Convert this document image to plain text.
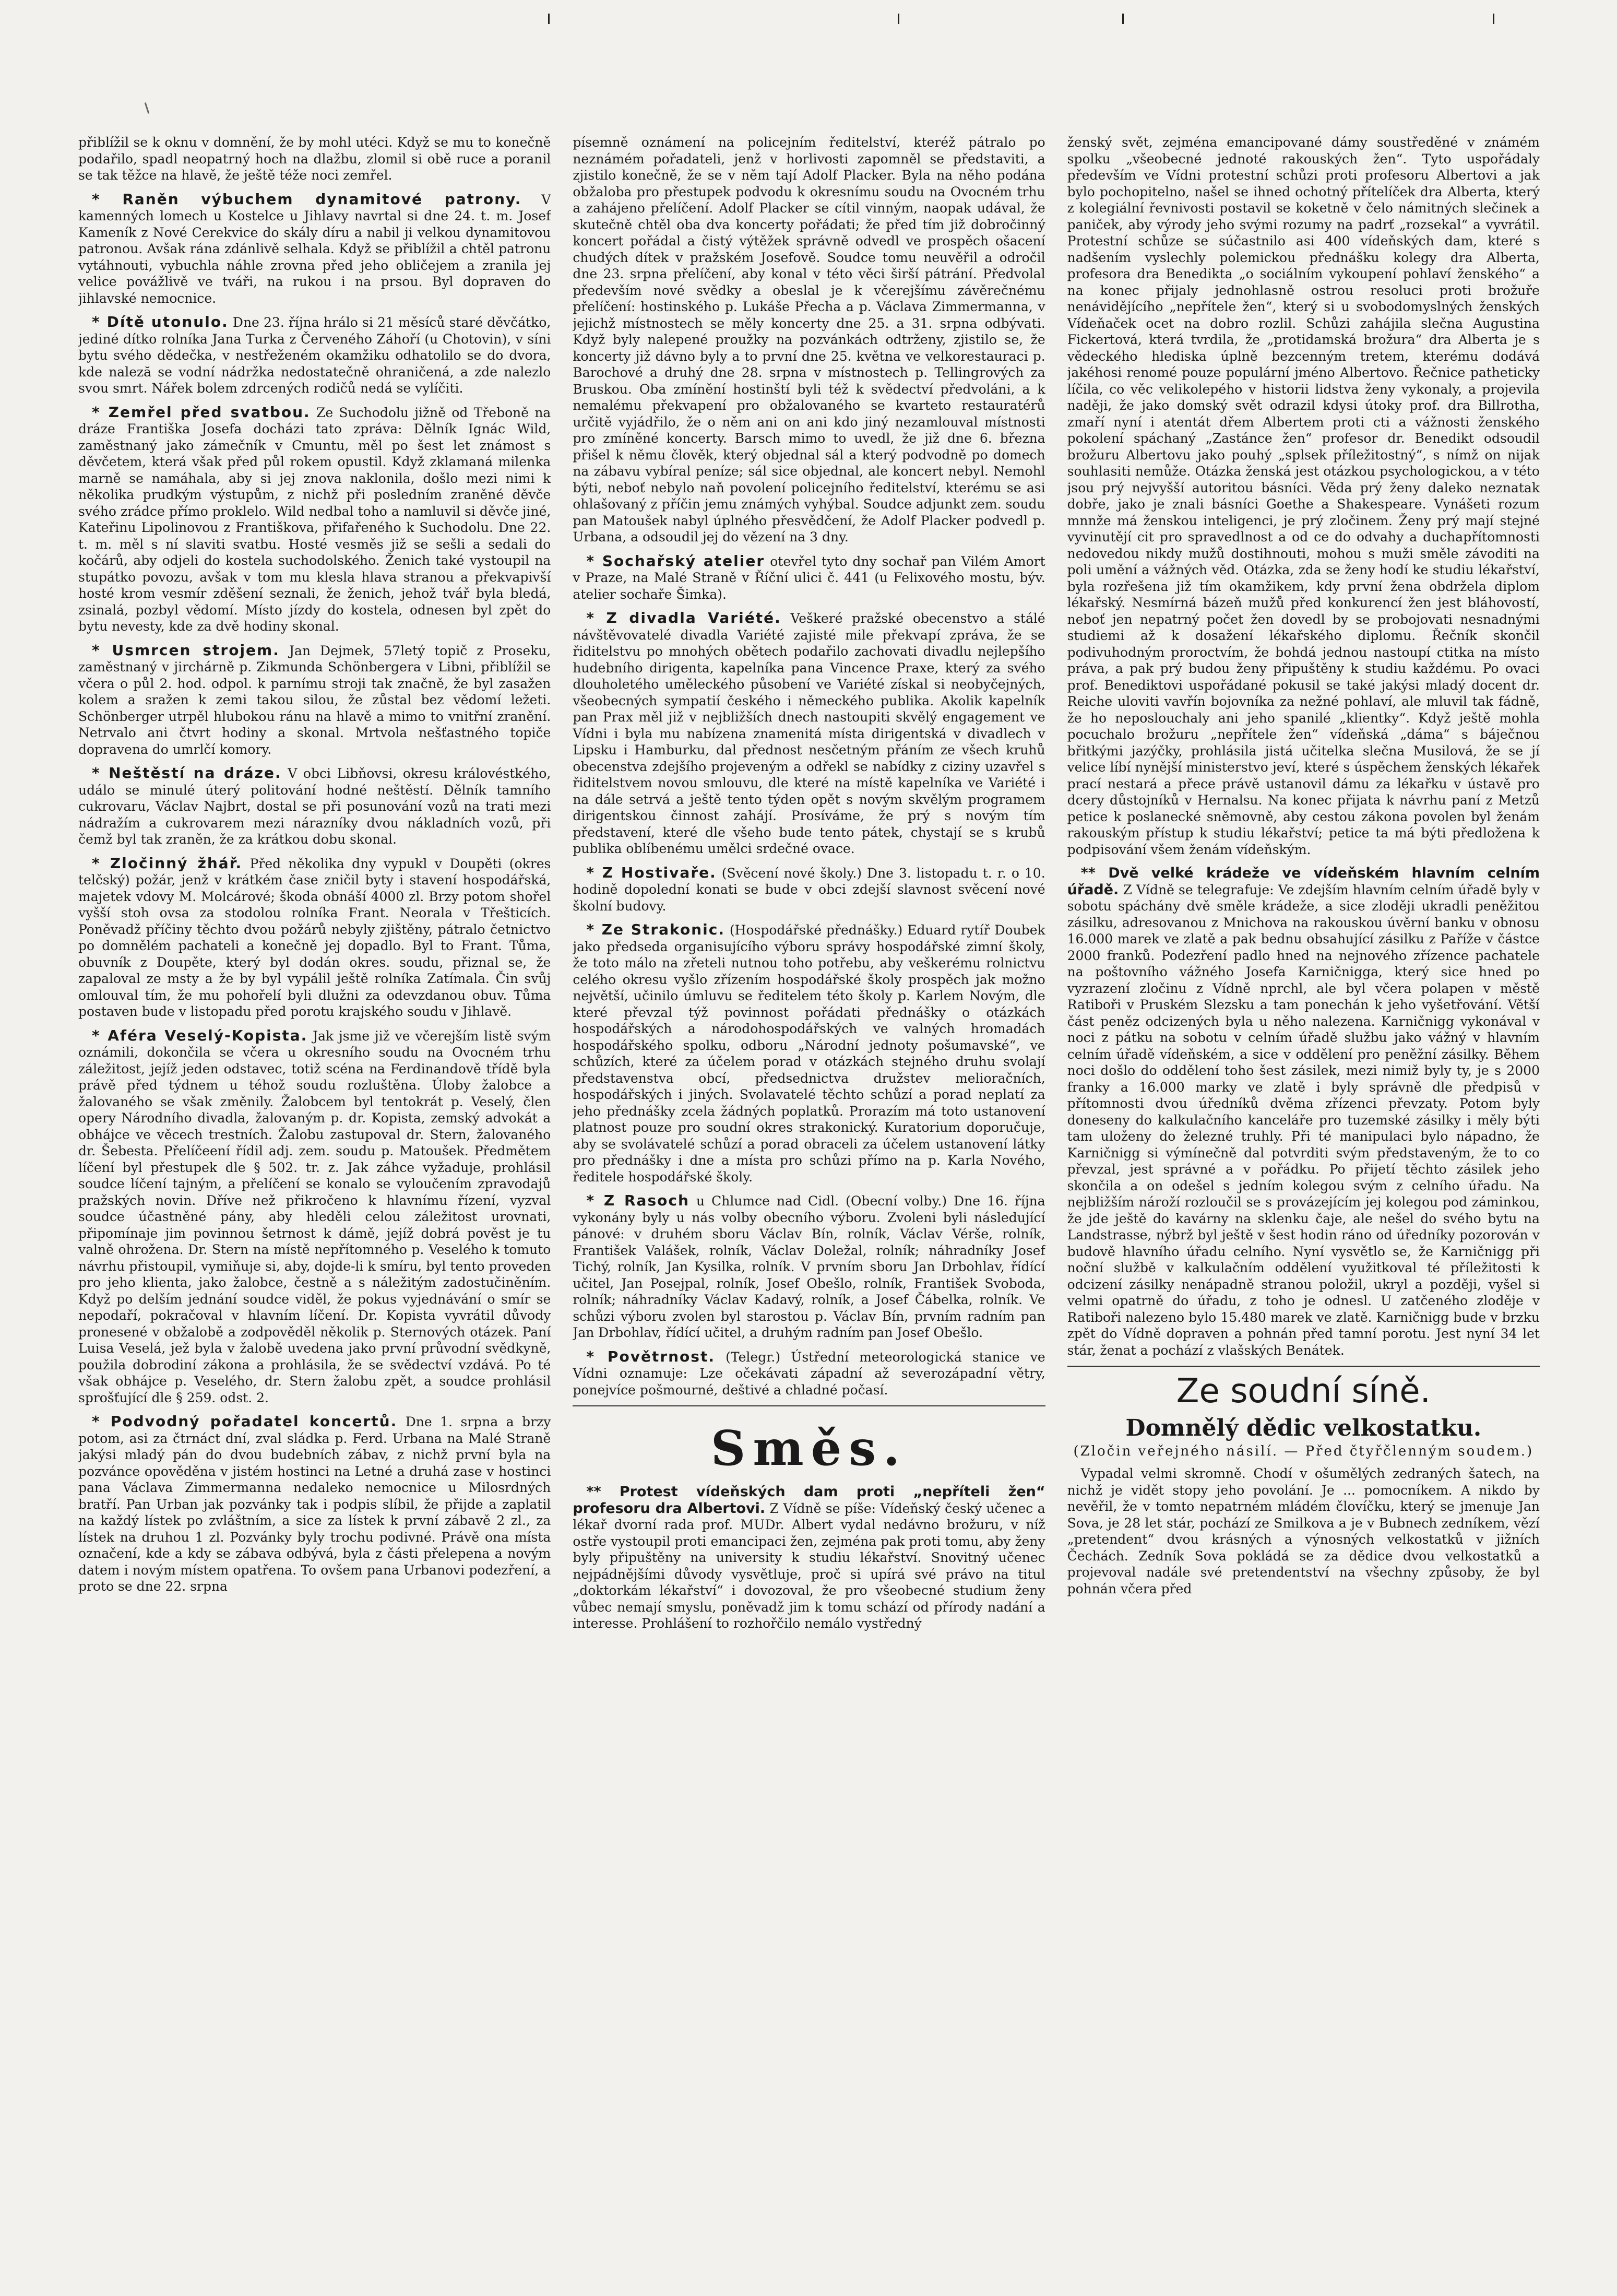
přiblížil se k oknu v domnění, že by mohl utéci. Když se mu to konečně podařilo, spadl neopatrný hoch na dlažbu, zlomil si obě ruce a poranil se tak těžce na hlavě, že ještě téže noci zemřel.

* Raněn výbuchem dynamitové patrony. V kamenných lomech u Kostelce u Jihlavy navrtal si dne 24. t. m. Josef Kameník z Nové Cerekvice do skály díru a nabil ji velkou dynamitovou patronou. Avšak rána zdánlivě selhala. Když se přiblížil a chtěl patronu vytáhnouti, vybuchla náhle zrovna před jeho obličejem a zranila jej velice povážlivě ve tváři, na rukou i na prsou. Byl dopraven do jihlavské nemocnice.

* Dítě utonulo. Dne 23. října hrálo si 21 měsíců staré děvčátko, jediné dítko rolníka Jana Turka z Červeného Záhoří (u Chotovin), v síni bytu svého dědečka, v nestřeženém okamžiku odhatolilo se do dvora, kde naleză se vodní nádržka nedostatečně ohraničená, a zde nalezlo svou smrt. Nářek bolem zdrcených rodičů nedá se vylíčiti.

* Zemřel před svatbou. Ze Suchodolu jižně od Třeboně na dráze Františka Josefa docházi tato zpráva: Dělník Ignác Wild, zaměstnaný jako zámečník v Cmuntu, měl po šest let známost s děvčetem, která však před půl rokem opustil. Když zklamaná milenka marně se namáhala, aby si jej znova naklonila, došlo mezi nimi k několika prudkým výstupům, z nichž při posledním zraněné děvče svého zrádce přímo proklelo. Wild nedbal toho a namluvil si děvče jiné, Kateřinu Lipolinovou z Františkova, přifařeného k Suchodolu. Dne 22. t. m. měl s ní slaviti svatbu. Hosté vesměs již se sešli a sedali do kočárů, aby odjeli do kostela suchodolského. Ženich také vystoupil na stupátko povozu, avšak v tom mu klesla hlava stranou a překvapivší hosté krom vesmír zděšení seznali, že ženich, jehož tvář byla bledá, zsinalá, pozbyl vědomí. Místo jízdy do kostela, odnesen byl zpět do bytu nevesty, kde za dvě hodiny skonal.

* Usmrcen strojem. Jan Dejmek, 57letý topič z Proseku, zaměstnaný v jirchárně p. Zikmunda Schönbergera v Libni, přiblížil se včera o půl 2. hod. odpol. k parnímu stroji tak značně, že byl zasažen kolem a sražen k zemi takou silou, že zůstal bez vědomí ležeti. Schönberger utrpěl hlubokou ránu na hlavě a mimo to vnitřní zranění. Netrvalo ani čtvrt hodiny a skonal. Mrtvola nešťastného topiče dopravena do umrlčí komory.

* Neštěstí na dráze. V obci Libňovsi, okresu královéstkého, událo se minulé úterý politování hodné neštěstí. Dělník tamního cukrovaru, Václav Najbrt, dostal se při posunování vozů na trati mezi nádražím a cukrovarem mezi nárazníky dvou nákladních vozů, při čemž byl tak zraněn, že za krátkou dobu skonal.

* Zločinný žhář. Před několika dny vypukl v Doupěti (okres telčský) požár, jenž v krátkém čase zničil byty i stavení hospodářská, majetek vdovy M. Molcárové; škoda obnáší 4000 zl. Brzy potom shořel vyšší stoh ovsa za stodolou rolníka Frant. Neorala v Třešticích. Poněvadž příčiny těchto dvou požárů nebyly zjištěny, pátralo četnictvo po domnělém pachateli a konečně jej dopadlo. Byl to Frant. Tůma, obuvník z Doupěte, který byl dodán okres. soudu, přiznal se, že zapaloval ze msty a že by byl vypálil ještě rolníka Zatímala. Čin svůj omlouval tím, že mu pohořelí byli dlužni za odevzdanou obuv. Tůma postaven bude v listopadu před porotu krajského soudu v Jihlavě.

* Aféra Veselý-Kopista. Jak jsme již ve včerejším listě svým oznámili, dokončila se včera u okresního soudu na Ovocném trhu záležitost, jejíž jeden odstavec, totiž scéna na Ferdinandově třídě byla právě před týdnem u téhož soudu rozluštěna. Úloby žalobce a žalovaného se však změnily. Žalobcem byl tentokrát p. Veselý, člen opery Národního divadla, žalovaným p. dr. Kopista, zemský advokát a obhájce ve věcech trestních. Žalobu zastupoval dr. Stern, žalovaného dr. Šebesta. Přelíčeení řídil adj. zem. soudu p. Matoušek. Předmětem líčení byl přestupek dle § 502. tr. z. Jak záhce vyžaduje, prohlásil soudce líčení tajným, a přelíčení se konalo se vyloučením zpravodajů pražských novin. Dříve než přikročeno k hlavnímu řízení, vyzval soudce účastněné pány, aby hleděli celou záležitost urovnati, připomínaje jim povinnou šetrnost k dámě, jejíž dobrá pověst je tu valně ohrožena. Dr. Stern na místě nepřítomného p. Veselého k tomuto návrhu přistoupil, vymiňuje si, aby, dojde-li k smíru, byl tento proveden pro jeho klienta, jako žalobce, čestně a s náležitým zadostučiněním. Když po delším jednání soudce viděl, že pokus vyjednávání o smír se nepodaří, pokračoval v hlavním líčení. Dr. Kopista vyvrátil důvody pronesené v obžalobě a zodpověděl několik p. Sternových otázek. Paní Luisa Veselá, jež byla v žalobě uvedena jako první průvodní svědkyně, použila dobrodiní zákona a prohlásila, že se svědectví vzdává. Po té však obhájce p. Veselého, dr. Stern žalobu zpět, a soudce prohlásil sprošťující dle § 259. odst. 2.

* Podvodný pořadatel koncertů. Dne 1. srpna a brzy potom, asi za čtrnáct dní, zval sládka p. Ferd. Urbana na Malé Straně jakýsi mladý pán do dvou budebních zábav, z nichž první byla na pozvánce opověděna v jistém hostinci na Letné a druhá zase v hostinci pana Václava Zimmermanna nedaleko nemocnice u Milosrdných bratří. Pan Urban jak pozvánky tak i podpis slíbil, že přijde a zaplatil na každý lístek po zvláštním, a sice za lístek k první zábavě 2 zl., za lístek na druhou 1 zl. Pozvánky byly trochu podivné. Právě ona místa označení, kde a kdy se zábava odbývá, byla z části přelepena a novým datem i novým místem opatřena. To ovšem pana Urbanovi podezření, a proto se dne 22. srpna

písemně oznámení na policejním ředitelství, kteréž pátralo po neznámém pořadateli, jenž v horlivosti zapomněl se představiti, a zjistilo konečně, že se v něm tají Adolf Placker. Byla na něho podána obžaloba pro přestupek podvodu k okresnímu soudu na Ovocném trhu a zahájeno přelíčení. Adolf Placker se cítil vinným, naopak udával, že skutečně chtěl oba dva koncerty pořádati; že před tím již dobročinný koncert pořádal a čistý výtěžek správně odvedl ve prospěch ošacení chudých dítek v pražském Josefově. Soudce tomu neuvěřil a odročil dne 23. srpna přelíčení, aby konal v této věci širší pátrání. Předvolal především nové svědky a obeslal je k včerejšímu závěrečnému přelíčení: hostinského p. Lukáše Přecha a p. Václava Zimmermanna, v jejichž místnostech se měly koncerty dne 25. a 31. srpna odbývati. Když byly nalepené proužky na pozvánkách odtrženy, zjistilo se, že koncerty již dávno byly a to první dne 25. května ve velkorestauraci p. Barochové a druhý dne 28. srpna v místnostech p. Tellingrových za Bruskou. Oba zmínění hostinští byli též k svědectví předvoláni, a k nemalému překvapení pro obžalovaného se kvarteto restauratérů určitě vyjádřilo, že o něm ani on ani kdo jiný nezamlouval místnosti pro zmíněné koncerty. Barsch mimo to uvedl, že již dne 6. března přišel k němu člověk, který objednal sál a který podvodně po domech na zábavu vybíral peníze; sál sice objednal, ale koncert nebyl. Nemohl býti, neboť nebylo naň povolení policejního ředitelství, kterému se asi ohlašovaný z příčin jemu známých vyhýbal. Soudce adjunkt zem. soudu pan Matoušek nabyl úplného přesvědčení, že Adolf Placker podvedl p. Urbana, a odsoudil jej do vězení na 3 dny.

* Sochařský atelier otevřel tyto dny sochař pan Vilém Amort v Praze, na Malé Straně v Říční ulici č. 441 (u Felixového mostu, býv. atelier sochaře Šimka).

* Z divadla Variété. Veškeré pražské obecenstvo a stálé návštěvovatelé divadla Variété zajisté mile překvapí zpráva, že se řiditelstvu po mnohých obětech podařilo zachovati divadlu nejlepšího hudebního dirigenta, kapelníka pana Vincence Praxe, který za svého dlouholetého uměleckého působení ve Variété získal si neobyčejných, všeobecných sympatií českého i německého publika. Akolik kapelník pan Prax měl již v nejbližších dnech nastoupiti skvělý engagement ve Vídni i byla mu nabízena znamenitá místa dirigentská v divadlech v Lipsku i Hamburku, dal přednost nesčetným přáním ze všech kruhů obecenstva zdejšího projeveným a odřekl se nabídky z ciziny uzavřel s řiditelstvem novou smlouvu, dle které na místě kapelníka ve Variété i na dále setrvá a ještě tento týden opět s novým skvělým programem dirigentskou činnost zahájí. Prosíváme, že prý s novým tím představení, které dle všeho bude tento pátek, chystají se s krubů publika oblíbenému umělci srdečné ovace.

* Z Hostivaře. (Svěcení nové školy.) Dne 3. listopadu t. r. o 10. hodině dopolední konati se bude v obci zdejší slavnost svěcení nové školní budovy.

* Ze Strakonic. (Hospodářské přednášky.) Eduard rytíř Doubek jako předseda organisujícího výboru správy hospodářské zimní školy, že toto málo na zřeteli nutnou toho potřebu, aby veškerému rolnictvu celého okresu vyšlo zřízením hospodářské školy prospěch jak možno největší, učinilo úmluvu se ředitelem této školy p. Karlem Novým, dle které převzal týž povinnost pořádati přednášky o otázkách hospodářských a národohospodářských ve valných hromadách hospodářského spolku, odboru „Národní jednoty pošumavské“, ve schůzích, které za účelem porad v otázkách stejného druhu svolají představenstva obcí, předsednictva družstev melioračních, hospodářských i jiných. Svolavatelé těchto schůzí a porad neplatí za jeho přednášky zcela žádných poplatků. Prorazím má toto ustanovení platnost pouze pro soudní okres strakonický. Kuratorium doporučuje, aby se svolávatelé schůzí a porad obraceli za účelem ustanovení látky pro přednášky i dne a místa pro schůzi přímo na p. Karla Nového, ředitele hospodářské školy.

* Z Rasoch u Chlumce nad Cidl. (Obecní volby.) Dne 16. října vykonány byly u nás volby obecního výboru. Zvoleni byli následující pánové: v druhém sboru Václav Bín, rolník, Václav Vérše, rolník, František Valášek, rolník, Václav Doležal, rolník; náhradníky Josef Tichý, rolník, Jan Kysilka, rolník. V prvním sboru Jan Drbohlav, řídící učitel, Jan Posejpal, rolník, Josef Obešlo, rolník, František Svoboda, rolník; náhradníky Václav Kadavý, rolník, a Josef Čábelka, rolník. Ve schůzi výboru zvolen byl starostou p. Václav Bín, prvním radním pan Jan Drbohlav, řídící učitel, a druhým radním pan Josef Obešlo.

* Povětrnost. (Telegr.) Ústřední meteorologická stanice ve Vídni oznamuje: Lze očekávati západní až severozápadní větry, ponejvíce pošmourné, deštivé a chladné počasí.

Směs.

** Protest vídeňských dam proti „nepříteli žen“ profesoru dra Albertovi. Z Vídně se píše: Vídeňský český učenec a lékař dvorní rada prof. MUDr. Albert vydal nedávno brožuru, v níž ostře vystoupil proti emancipaci žen, zejména pak proti tomu, aby ženy byly připuštěny na university k studiu lékařství. Snovitný učenec nejpádnějšími důvody vysvětluje, proč si upírá své právo na titul „doktorkám lékařství“ i dovozoval, že pro všeobecné studium ženy vůbec nemají smyslu, poněvadž jim k tomu schází od přírody nadání a interesse. Prohlášení to rozhořčilo nemálo vystředný

ženský svět, zejména emancipované dámy soustředěné v známém spolku „všeobecné jednoté rakouských žen“. Tyto uspořádaly především ve Vídni protestní schůzi proti profesoru Albertovi a jak bylo pochopitelno, našel se ihned ochotný přítelíček dra Alberta, který z kolegiální řevnivosti postavil se koketně v čelo námitných slečinek a paniček, aby výrody jeho svými rozumy na padrť „rozsekal“ a vyvrátil. Protestní schůze se súčastnilo asi 400 vídeňských dam, které s nadšením vyslechly polemickou přednášku kolegy dra Alberta, profesora dra Benedikta „o sociálním vykoupení pohlaví ženského“ a na konec přijaly jednohlasně ostrou resoluci proti brožuře nenávidějícího „nepřítele žen“, který si u svobodomyslných ženských Vídeňaček ocet na dobro rozlil. Schůzi zahájila slečna Augustina Fickertová, která tvrdila, že „protidamská brožura“ dra Alberta je s vědeckého hlediska úplně bezcenným tretem, kterému dodává jakéhosi renomé pouze populární jméno Albertovo. Řečnice patheticky líčila, co věc velikolepého v historii lidstva ženy vykonaly, a projevila naději, že jako domský svět odrazil kdysi útoky prof. dra Billrotha, zmaří nyní i atentát dřem Albertem proti cti a vážnosti ženského pokolení spáchaný „Zastánce žen“ profesor dr. Benedikt odsoudil brožuru Albertovu jako pouhý „splsek příležitostný“, s nímž on nijak souhlasiti nemůže. Otázka ženská jest otázkou psychologickou, a v této jsou prý nejvyšší autoritou básníci. Věda prý ženy daleko neznatak dobře, jako je znali básníci Goethe a Shakespeare. Vynášeti rozum mnnže má ženskou inteligenci, je prý zločinem. Ženy prý mají stejné vyvinutějí cit pro spravedlnost a od ce do odvahy a duchapřítomnosti nedovedou nikdy mužů dostihnouti, mohou s muži směle závoditi na poli umění a vážných věd. Otázka, zda se ženy hodí ke studiu lékařství, byla rozřešena již tím okamžikem, kdy první žena obdržela diplom lékařský. Nesmírná bázeň mužů před konkurencí žen jest bláhovostí, neboť jen nepatrný počet žen dovedl by se probojovati nesnadnými studiemi až k dosažení lékařského diplomu. Řečník skončil podivuhodným proroctvím, že bohdá jednou nastoupí ctitka na místo práva, a pak prý budou ženy připuštěny k studiu každému. Po ovaci prof. Benediktovi uspořádané pokusil se také jakýsi mladý docent dr. Reiche uloviti vavřín bojovníka za nežné pohlaví, ale mluvil tak fádně, že ho neposlouchaly ani jeho spanilé „klientky“. Když ještě mohla pocuchalo brožuru „nepřítele žen“ vídeňská „dáma“ s báječnou břitkými jazýčky, prohlásila jistá učitelka slečna Musilová, že se jí velice líbí nynější ministerstvo jeví, které s úspěchem ženských lékařek prací nestará a přece právě ustanovil dámu za lékařku v ústavě pro dcery důstojníků v Hernalsu. Na konec přijata k návrhu paní z Metzů petice k poslanecké sněmovně, aby cestou zákona povolen byl ženám rakouským přístup k studiu lékařství; petice ta má býti předložena k podpisování všem ženám vídeňským.

** Dvě velké krádeže ve vídeňském hlavním celním úřadě. Z Vídně se telegrafuje: Ve zdejším hlavním celním úřadě byly v sobotu spáchány dvě směle krádeže, a sice zloději ukradli peněžitou zásilku, adresovanou z Mnichova na rakouskou úvěrní banku v obnosu 16.000 marek ve zlatě a pak bednu obsahující zásilku z Paříže v částce 2000 franků. Podezření padlo hned na nejnového zřízence pachatele na poštovního vážného Josefa Karničnigga, který sice hned po vyzrazení zločinu z Vídně nprchl, ale byl včera polapen v městě Ratiboři v Pruském Slezsku a tam ponechán k jeho vyšetřování. Větší část peněz odcizených byla u něho nalezena. Karničnigg vykonával v noci z pátku na sobotu v celním úřadě službu jako vážný v hlavním celním úřadě vídeňském, a sice v oddělení pro peněžní zásilky. Během noci došlo do oddělení toho šest zásilek, mezi nimiž byly ty, je s 2000 franky a 16.000 marky ve zlatě i byly správně dle předpisů v přítomnosti dvou úředníků dvěma zřízenci převzaty. Potom byly doneseny do kalkulačního kanceláře pro tuzemské zásilky i měly býti tam uloženy do železné truhly. Při té manipulaci bylo nápadno, že Karničnigg si výmínečně dal potvrditi svým představeným, že to co převzal, jest správné a v pořádku. Po přijetí těchto zásilek jeho skončila a on odešel s jedním kolegou svým z celního úřadu. Na nejbližším nároží rozloučil se s provázejícím jej kolegou pod záminkou, že jde ještě do kavárny na sklenku čaje, ale nešel do svého bytu na Landstrasse, nýbrž byl ještě v šest hodin ráno od úředníky pozorován v budově hlavního úřadu celního. Nyní vysvětlo se, že Karničnigg při noční službě v kalkulačním oddělení využitkoval té příležitosti k odcizení zásilky nenápadně stranou položil, ukryl a později, vyšel si velmi opatrně do úřadu, z toho je odnesl. U zatčeného zloděje v Ratiboři nalezeno bylo 15.480 marek ve zlatě. Karničnigg bude v brzku zpět do Vídně dopraven a pohnán před tamní porotu. Jest nyní 34 let stár, ženat a pochází z vlašských Benátek.

Ze soudní síně.
Domnělý dědic velkostatku.
(Zločin veřejného násilí. — Před čtyřčlenným soudem.)

Vypadal velmi skromně. Chodí v ošumělých zedraných šatech, na nichž je vidět stopy jeho povolání. Je ... pomocníkem. A nikdo by nevěřil, že v tomto nepatrném mládém človíčku, který se jmenuje Jan Sova, je 28 let stár, pochází ze Smilkova a je v Bubnech zedníkem, vězí „pretendent“ dvou krásných a výnosných velkostatků v jižních Čechách. Zedník Sova pokládá se za dědice dvou velkostatků a projevoval nadále své pretendentství na všechny způsoby, že byl pohnán včera před
